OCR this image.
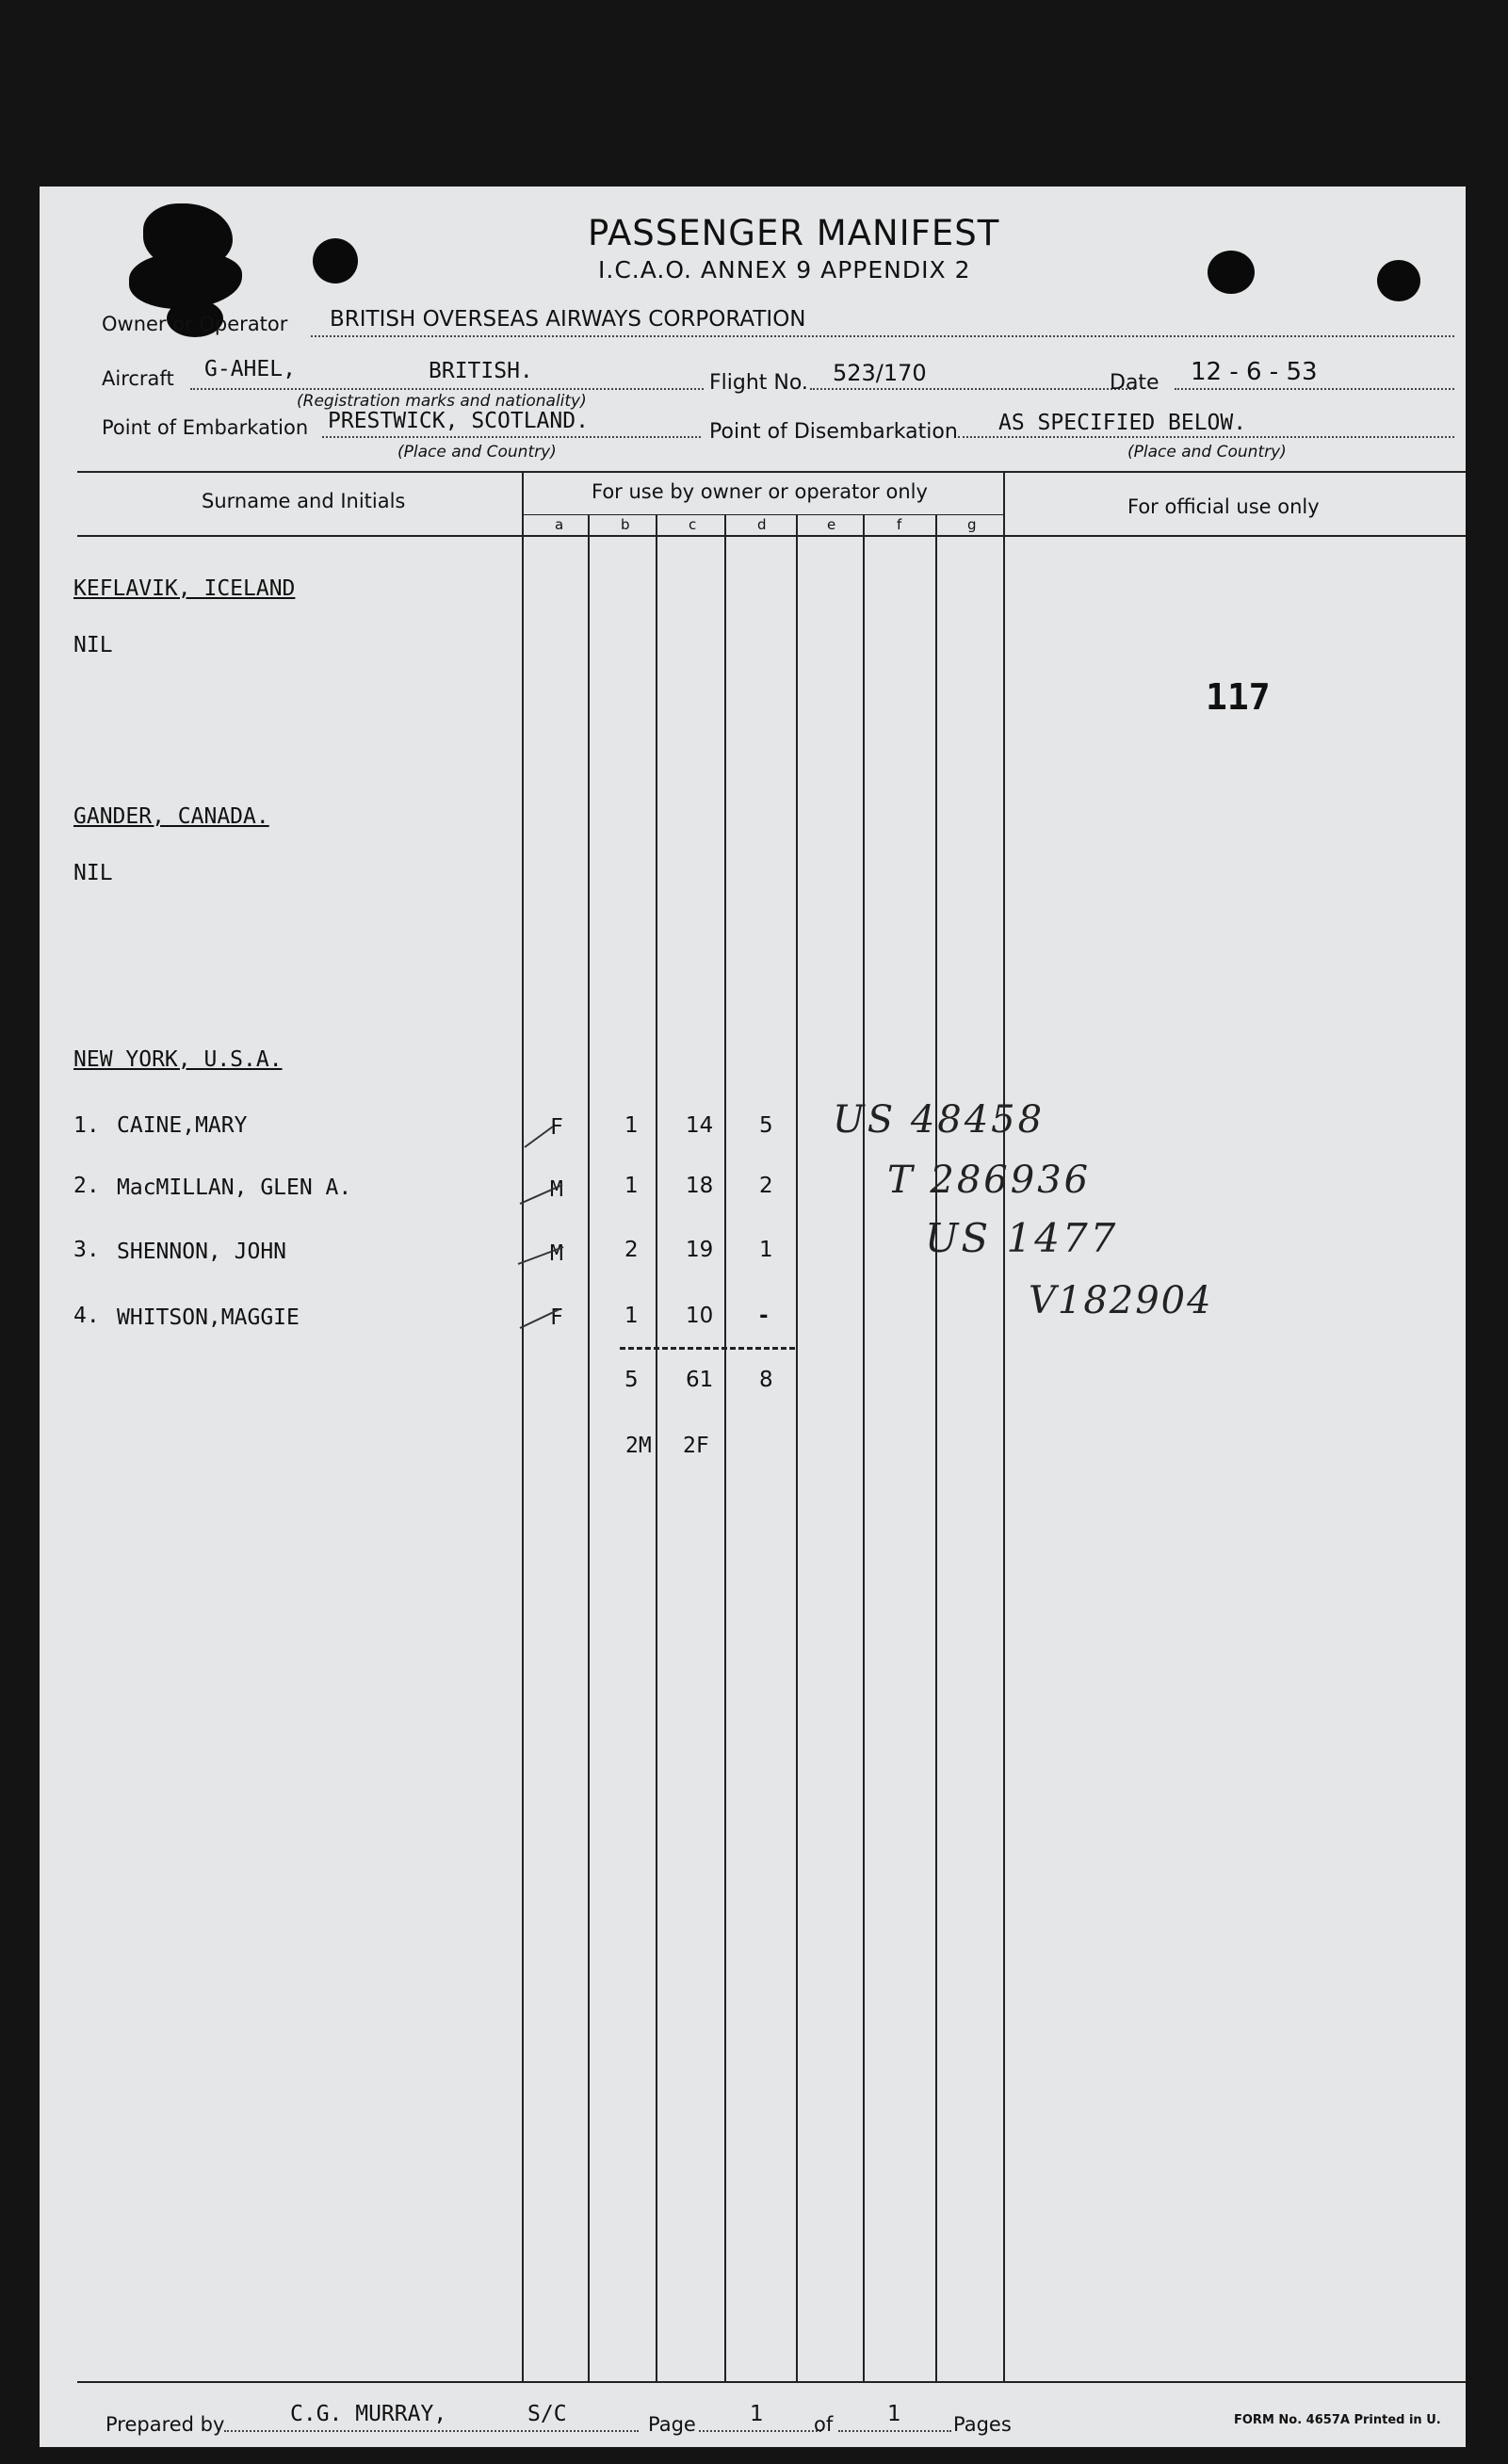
PASSENGER MANIFEST
I.C.A.O. ANNEX 9 APPENDIX 2
Owner or Operator BRITISH OVERSEAS AIRWAYS CORPORATION
Aircraft G-AHEL,	BRITISH.
(Registration marks and nationality)
Flight No. 523/170	Date 12 - 6 - 53
Point of Embarkation PRESTWICK, SCOTLAND.
(Place and Country)
Point of Disembarkation AS SPECIFIED BELOW.
(Place and Country)
Surname and Initials	For use by owner or operator only
For official use only
a	b	c	d	e	f	g
KEFLAVIK, ICELAND
NIL
117
GANDER, CANADA.
NIL
NEW YORK, U.S.A.
1. CAINE,MARY	F	1 14 5 US 48458
2. MacMILLAN, GLEN A.	M	1 18 2	T 286936
3. SHENNON, JOHN	M	2 19 1	US 1477
4. WHITSON,MAGGIE	F	1 10 -	V182904
5 61 8
2M 2F
Prepared by	C.G. MURRAY,	S/C	Page 1	of	1	Pages	FORM No. 4657A Printed in U.
